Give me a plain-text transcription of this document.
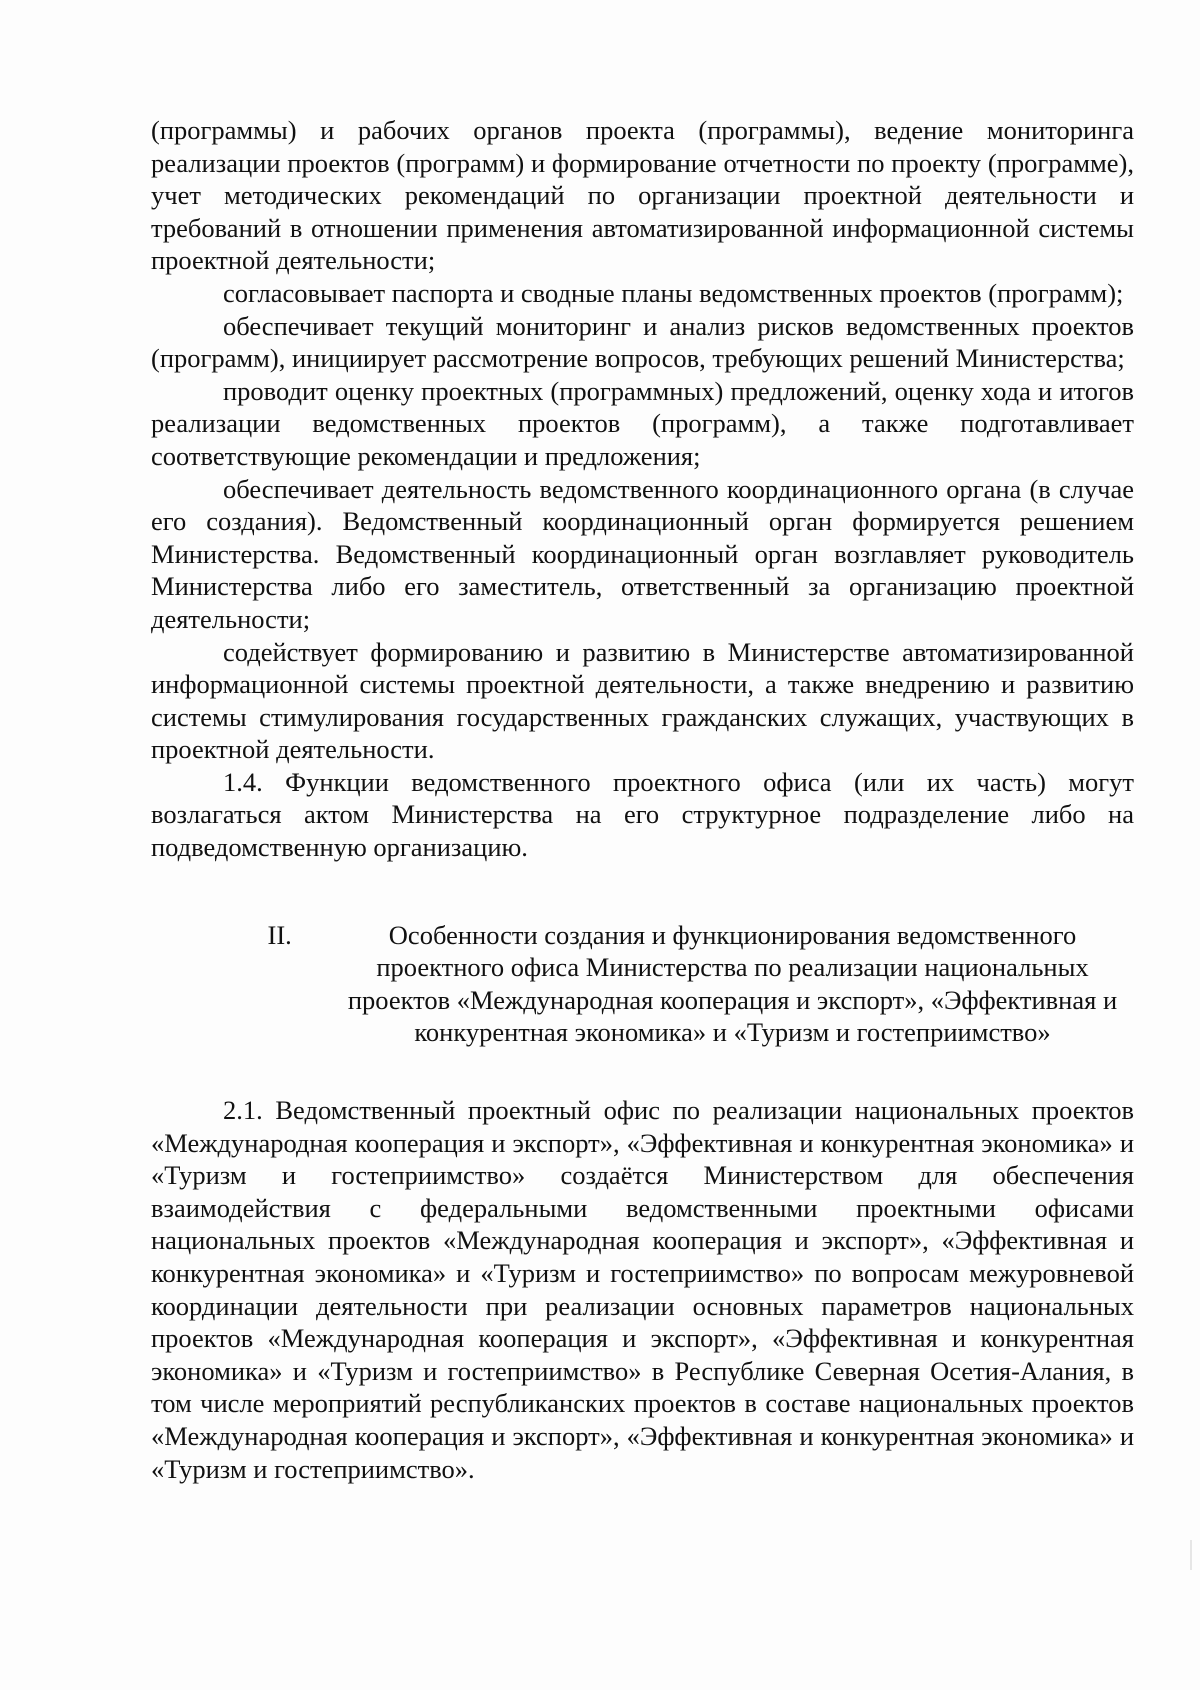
(программы) и рабочих органов проекта (программы), ведение мониторинга реализации проектов (программ) и формирование отчетности по проекту (программе), учет методических рекомендаций по организации проектной деятельности и требований в отношении применения автоматизированной информационной системы проектной деятельности;

согласовывает паспорта и сводные планы ведомственных проектов (программ);

обеспечивает текущий мониторинг и анализ рисков ведомственных проектов (программ), инициирует рассмотрение вопросов, требующих решений Министерства;

проводит оценку проектных (программных) предложений, оценку хода и итогов реализации ведомственных проектов (программ), а также подготавливает соответствующие рекомендации и предложения;

обеспечивает деятельность ведомственного координационного органа (в случае его создания). Ведомственный координационный орган формируется решением Министерства. Ведомственный координационный орган возглавляет руководитель Министерства либо его заместитель, ответственный за организацию проектной деятельности;

содействует формированию и развитию в Министерстве автоматизированной информационной системы проектной деятельности, а также внедрению и развитию системы стимулирования государственных гражданских служащих, участвующих в проектной деятельности.

1.4. Функции ведомственного проектного офиса (или их часть) могут возлагаться актом Министерства на его структурное подразделение либо на подведомственную организацию.

II.	Особенности создания и функционирования ведомственного проектного офиса Министерства по реализации национальных проектов «Международная кооперация и экспорт», «Эффективная и конкурентная экономика» и «Туризм и гостеприимство»

2.1. Ведомственный проектный офис по реализации национальных проектов «Международная кооперация и экспорт», «Эффективная и конкурентная экономика» и «Туризм и гостеприимство» создаётся Министерством для обеспечения взаимодействия с федеральными ведомственными проектными офисами национальных проектов «Международная кооперация и экспорт», «Эффективная и конкурентная экономика» и «Туризм и гостеприимство» по вопросам межуровневой координации деятельности при реализации основных параметров национальных проектов «Международная кооперация и экспорт», «Эффективная и конкурентная экономика» и «Туризм и гостеприимство» в Республике Северная Осетия-Алания, в том числе мероприятий республиканских проектов в составе национальных проектов «Международная кооперация и экспорт», «Эффективная и конкурентная экономика» и «Туризм и гостеприимство».
